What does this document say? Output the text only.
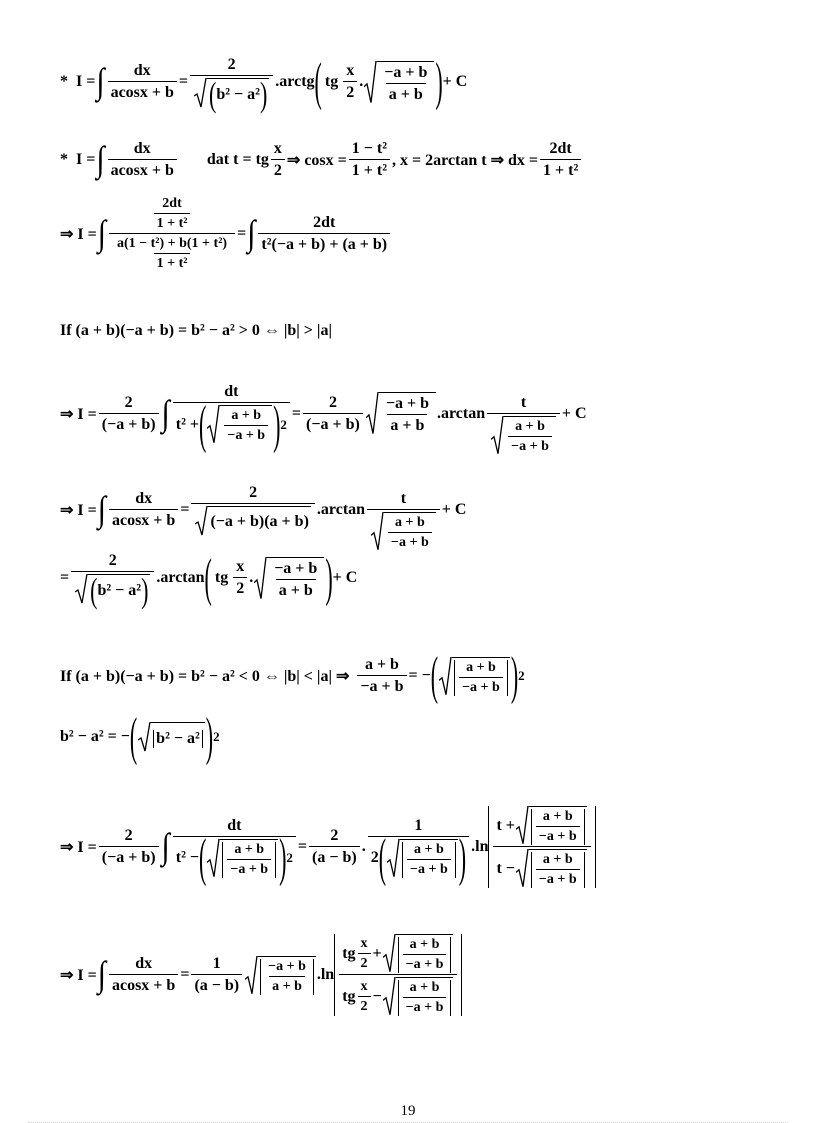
* I = ∫ $\frac{dx}{acosx + b} = \frac{2}{\text{( b² − a² )}}$ .arctg ( tg $\frac{x}{2}$ . $\frac{-a + b}{a + b}$ ) + C
* I = ∫ $\frac{dx}{acosx + b}$ dat t = tg $\frac{x}{2}$ ⇒ $\cos x = \frac{\text{1 − t²}}{\text{1 + t²}}$ , x = 2arctan t ⇒ dx = $\frac{2dt}{\text{1 + t²}}$
⇒ I = ∫ $\frac{\frac{2dt}{\text{1 + t²}}}{\frac{\text{a(1 − t²) + b(1 + t²)}}{\text{1 + t²}}}$ = ∫ $\frac{2dt}{\text{t²(−a + b) + (a + b)}}$
If (a + b)(−a + b) = b² − a² > 0 ⇔ |b| > |a|
⇒ $I = \frac{2}{(-a + b)}$ ∫ $\frac{dt}{t^2 + ( \frac{a + b}{-a + b} ) 2} = \frac{2}{(-a + b)} \frac{-a + b}{a + b} .\arctan \frac{t}{\frac{a + b}{-a + b}} + C$
⇒ I = ∫ $\frac{dx}{acosx + b} = \frac{2}{(-a + b)(a + b)} .\arctan \frac{t}{\frac{a + b}{-a + b}} + C$
= $\frac{2}{\text{( b² − a² )}} .\arctan$ ( tg $\frac{x}{2}$ . $\frac{-a + b}{a + b}$ ) + C
If (a + b)(−a + b) = b² − a² < 0 ⇔ |b| < |a| ⇒ $\frac{a + b}{-a + b}$ = − ( $\frac{a + b}{-a + b}$ ) 2
b² − a² = − ( b² − a² ) 2
⇒ $I = \frac{2}{(-a + b)}$ ∫ $\frac{dt}{t^2 - ( \frac{a + b}{-a + b} ) 2} = \frac{2}{(a - b)}$ . $\frac{1}{2 ( \frac{a + b}{-a + b} )} .\ln \frac{t + \frac{a + b}{-a + b}}{t - \frac{a + b}{-a + b}}$
⇒ I = ∫ $\frac{dx}{acosx + b} = \frac{1}{(a - b)} \frac{-a + b}{a + b} .\ln \frac{tg \frac{x}{2} + \frac{a + b}{-a + b}}{tg \frac{x}{2} - \frac{a + b}{-a + b}}$
19
